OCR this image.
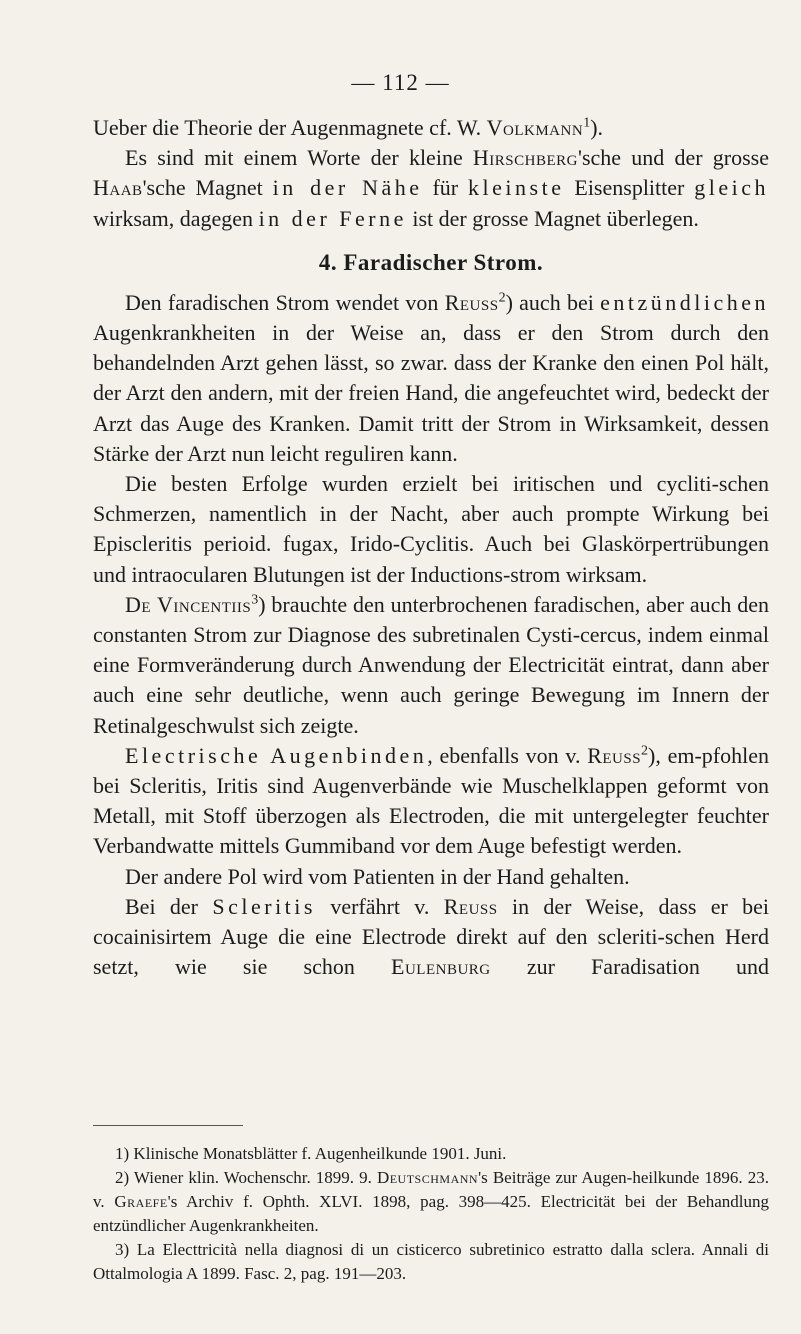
— 112 —

Ueber die Theorie der Augenmagnete cf. W. Volkmann$^1$).

Es sind mit einem Worte der kleine Hirschberg'sche und der grosse Haab'sche Magnet in der Nähe für kleinste Eisensplitter gleich wirksam, dagegen in der Ferne ist der grosse Magnet überlegen.

4. Faradischer Strom.

Den faradischen Strom wendet von Reuss$^2$) auch bei entzündlichen Augenkrankheiten in der Weise an, dass er den Strom durch den behandelnden Arzt gehen lässt, so zwar. dass der Kranke den einen Pol hält, der Arzt den andern, mit der freien Hand, die angefeuchtet wird, bedeckt der Arzt das Auge des Kranken. Damit tritt der Strom in Wirksamkeit, dessen Stärke der Arzt nun leicht reguliren kann.

Die besten Erfolge wurden erzielt bei iritischen und cycliti-schen Schmerzen, namentlich in der Nacht, aber auch prompte Wirkung bei Episcleritis perioid. fugax, Irido-Cyclitis. Auch bei Glaskörpertrübungen und intraocularen Blutungen ist der Inductions-strom wirksam.

De Vincentiis$^3$) brauchte den unterbrochenen faradischen, aber auch den constanten Strom zur Diagnose des subretinalen Cysti-cercus, indem einmal eine Formveränderung durch Anwendung der Electricität eintrat, dann aber auch eine sehr deutliche, wenn auch geringe Bewegung im Innern der Retinalgeschwulst sich zeigte.

Electrische Augenbinden, ebenfalls von v. Reuss$^2$), em-pfohlen bei Scleritis, Iritis sind Augenverbände wie Muschelklappen geformt von Metall, mit Stoff überzogen als Electroden, die mit untergelegter feuchter Verbandwatte mittels Gummiband vor dem Auge befestigt werden.

Der andere Pol wird vom Patienten in der Hand gehalten.

Bei der Scleritis verfährt v. Reuss in der Weise, dass er bei cocainisirtem Auge die eine Electrode direkt auf den scleriti-schen Herd setzt, wie sie schon Eulenburg zur Faradisation und

1) Klinische Monatsblätter f. Augenheilkunde 1901. Juni.

2) Wiener klin. Wochenschr. 1899. 9. Deutschmann's Beiträge zur Augen-heilkunde 1896. 23. v. Graefe's Archiv f. Ophth. XLVI. 1898, pag. 398—425. Electricität bei der Behandlung entzündlicher Augenkrankheiten.

3) La Electtricità nella diagnosi di un cisticerco subretinico estratto dalla sclera. Annali di Ottalmologia A 1899. Fasc. 2, pag. 191—203.
